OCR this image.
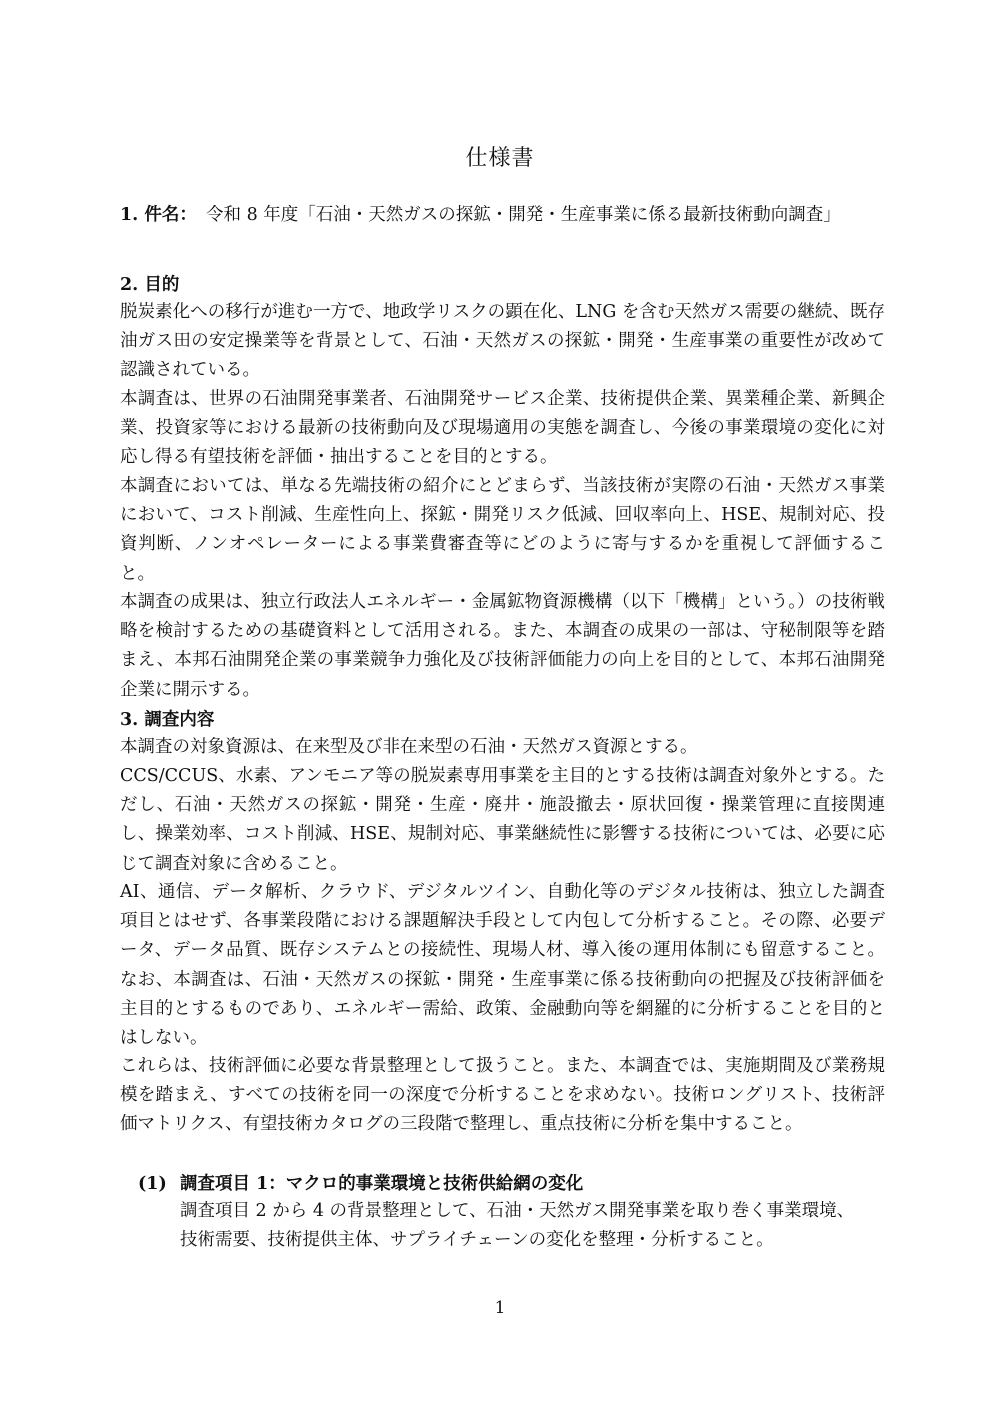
仕様書
1. 件名： 令和 8 年度「石油・天然ガスの探鉱・開発・生産事業に係る最新技術動向調査」
2. 目的

脱炭素化への移行が進む一方で、地政学リスクの顕在化、LNG を含む天然ガス需要の継続、既存油ガス田の安定操業等を背景として、石油・天然ガスの探鉱・開発・生産事業の重要性が改めて認識されている。

本調査は、世界の石油開発事業者、石油開発サービス企業、技術提供企業、異業種企業、新興企業、投資家等における最新の技術動向及び現場適用の実態を調査し、今後の事業環境の変化に対応し得る有望技術を評価・抽出することを目的とする。

本調査においては、単なる先端技術の紹介にとどまらず、当該技術が実際の石油・天然ガス事業において、コスト削減、生産性向上、探鉱・開発リスク低減、回収率向上、HSE、規制対応、投資判断、ノンオペレーターによる事業費審査等にどのように寄与するかを重視して評価すること。

本調査の成果は、独立行政法人エネルギー・金属鉱物資源機構（以下「機構」という。）の技術戦略を検討するための基礎資料として活用される。また、本調査の成果の一部は、守秘制限等を踏まえ、本邦石油開発企業の事業競争力強化及び技術評価能力の向上を目的として、本邦石油開発企業に開示する。

3. 調査内容

本調査の対象資源は、在来型及び非在来型の石油・天然ガス資源とする。

CCS/CCUS、水素、アンモニア等の脱炭素専用事業を主目的とする技術は調査対象外とする。ただし、石油・天然ガスの探鉱・開発・生産・廃井・施設撤去・原状回復・操業管理に直接関連し、操業効率、コスト削減、HSE、規制対応、事業継続性に影響する技術については、必要に応じて調査対象に含めること。

AI、通信、データ解析、クラウド、デジタルツイン、自動化等のデジタル技術は、独立した調査項目とはせず、各事業段階における課題解決手段として内包して分析すること。その際、必要データ、データ品質、既存システムとの接続性、現場人材、導入後の運用体制にも留意すること。なお、本調査は、石油・天然ガスの探鉱・開発・生産事業に係る技術動向の把握及び技術評価を主目的とするものであり、エネルギー需給、政策、金融動向等を網羅的に分析することを目的とはしない。

これらは、技術評価に必要な背景整理として扱うこと。また、本調査では、実施期間及び業務規模を踏まえ、すべての技術を同一の深度で分析することを求めない。技術ロングリスト、技術評価マトリクス、有望技術カタログの三段階で整理し、重点技術に分析を集中すること。

(1) 調査項目 1：マクロ的事業環境と技術供給網の変化

調査項目 2 から 4 の背景整理として、石油・天然ガス開発事業を取り巻く事業環境、技術需要、技術提供主体、サプライチェーンの変化を整理・分析すること。

1
